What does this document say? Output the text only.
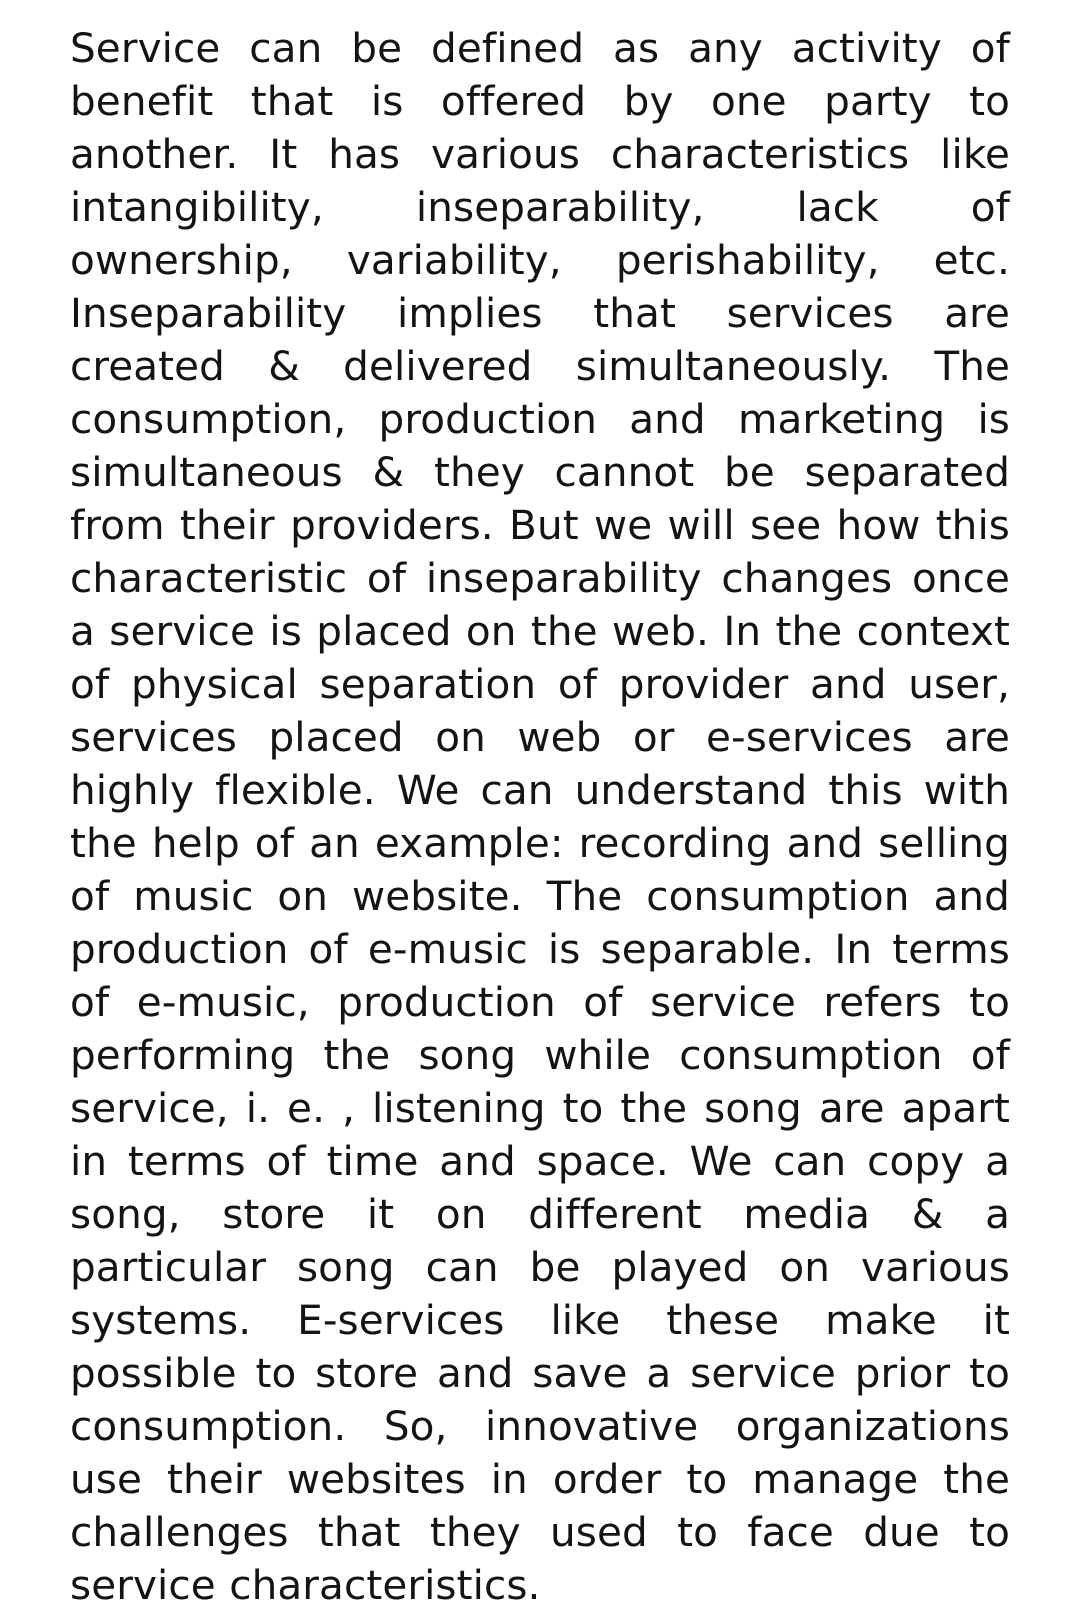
Service can be defined as any activity of benefit that is offered by one party to another. It has various characteristics like intangibility, inseparability, lack of ownership, variability, perishability, etc. Inseparability implies that services are created & delivered simultaneously. The consumption, production and marketing is simultaneous & they cannot be separated from their providers. But we will see how this characteristic of inseparability changes once a service is placed on the web. In the context of physical separation of provider and user, services placed on web or e-services are highly flexible. We can understand this with the help of an example: recording and selling of music on website. The consumption and production of e-music is separable. In terms of e-music, production of service refers to performing the song while consumption of service, i. e. , listening to the song are apart in terms of time and space. We can copy a song, store it on different media & a particular song can be played on various systems. E-services like these make it possible to store and save a service prior to consumption. So, innovative organizations use their websites in order to manage the challenges that they used to face due to service characteristics.
